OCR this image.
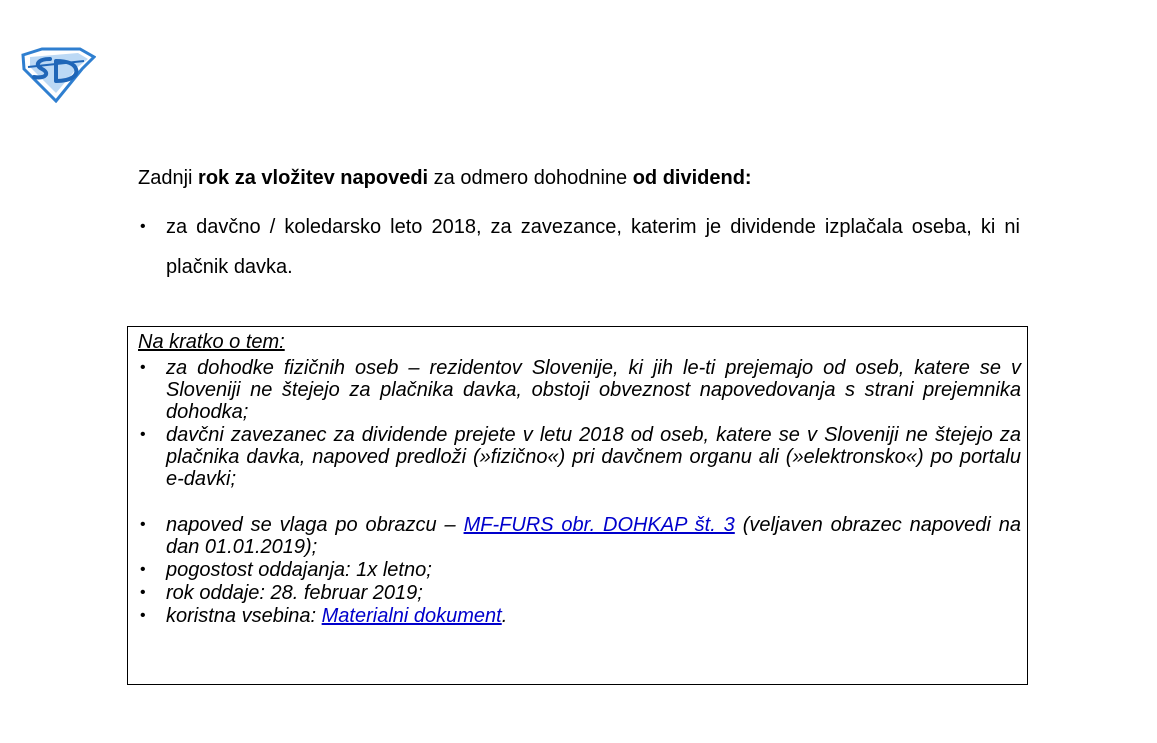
Zadnji rok za vložitev napovedi za odmero dohodnine od dividend:

•	za davčno / koledarsko leto 2018, za zavezance, katerim je dividende izplačala oseba, ki ni plačnik davka.

Na kratko o tem:

•	za dohodke fizičnih oseb – rezidentov Slovenije, ki jih le-ti prejemajo od oseb, katere se v Sloveniji ne štejejo za plačnika davka, obstoji obveznost napovedovanja s strani prejemnika dohodka;
•	davčni zavezanec za dividende prejete v letu 2018 od oseb, katere se v Sloveniji ne štejejo za plačnika davka, napoved predloži (»fizično«) pri davčnem organu ali (»elektronsko«) po portalu e-davki;
•	napoved se vlaga po obrazcu – MF-FURS obr. DOHKAP št. 3 (veljaven obrazec napovedi na dan 01.01.2019);
•	pogostost oddajanja: 1x letno;
•	rok oddaje: 28. februar 2019;
•	koristna vsebina: Materialni dokument.
